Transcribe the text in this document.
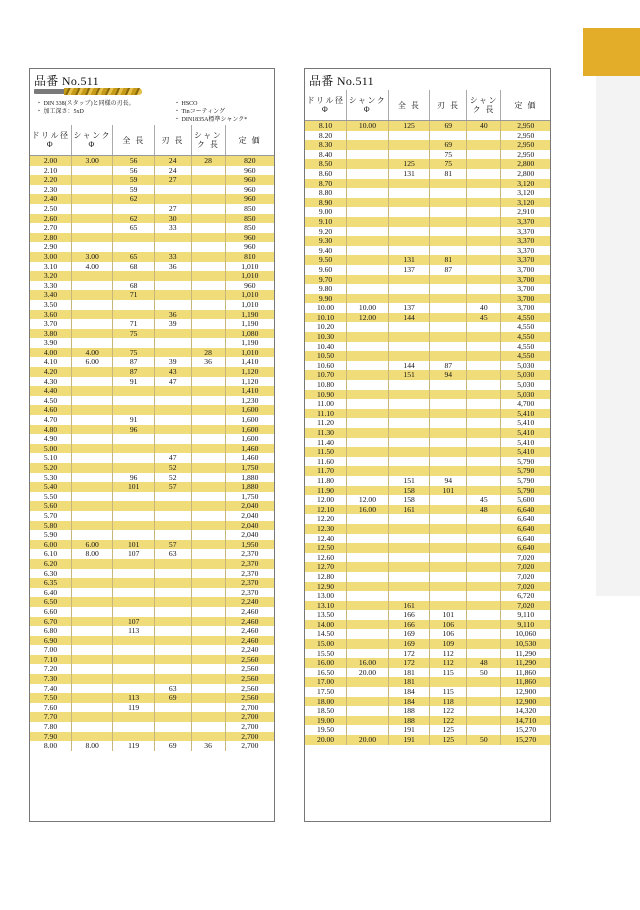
品番 No.511
・ DIN 338(スタッブ)と同様の刃長。
・ 加工深さ：5xD
・ HSCO
・ Tinコーティング
・ DIN1835A標準シャンク*
ドリル径 Φ	シャンク Φ	全 長	刃 長	シャンク 長	定 価
2.00	3.00	56	24	28	820
2.10		56	24		960
2.20		59	27		960
2.30		59			960
2.40		62			960
2.50			27		850
2.60		62	30		850
2.70		65	33		850
2.80					960
2.90					960
3.00	3.00	65	33		810
3.10	4.00	68	36		1,010
3.20					1,010
3.30		68			960
3.40		71			1,010
3.50					1,010
3.60			36		1,190
3.70		71	39		1,190
3.80		75			1,080
3.90					1,190
4.00	4.00	75		28	1,010
4.10	6.00	87	39	36	1,410
4.20		87	43		1,120
4.30		91	47		1,120
4.40					1,410
4.50					1,230
4.60					1,600
4.70		91			1,600
4.80		96			1,600
4.90					1,600
5.00					1,460
5.10			47		1,460
5.20			52		1,750
5.30		96	52		1,880
5.40		101	57		1,880
5.50					1,750
5.60					2,040
5.70					2,040
5.80					2,040
5.90					2,040
6.00	6.00	101	57		1,950
6.10	8.00	107	63		2,370
6.20					2,370
6.30					2,370
6.35					2,370
6.40					2,370
6.50					2,240
6.60					2,460
6.70		107			2,460
6.80		113			2,460
6.90					2,460
7.00					2,240
7.10					2,560
7.20					2,560
7.30					2,560
7.40			63		2,560
7.50		113	69		2,560
7.60		119			2,700
7.70					2,700
7.80					2,700
7.90					2,700
8.00	8.00	119	69	36	2,700
品番 No.511
ドリル径 Φ	シャンク Φ	全 長	刃 長	シャンク 長	定 価
8.10	10.00	125	69	40	2,950
8.20					2,950
8.30			69		2,950
8.40			75		2,950
8.50		125	75		2,800
8.60		131	81		2,800
8.70					3,120
8.80					3,120
8.90					3,120
9.00					2,910
9.10					3,370
9.20					3,370
9.30					3,370
9.40					3,370
9.50		131	81		3,370
9.60		137	87		3,700
9.70					3,700
9.80					3,700
9.90					3,700
10.00	10.00	137		40	3,700
10.10	12.00	144		45	4,550
10.20					4,550
10.30					4,550
10.40					4,550
10.50					4,550
10.60		144	87		5,030
10.70		151	94		5,030
10.80					5,030
10.90					5,030
11.00					4,700
11.10					5,410
11.20					5,410
11.30					5,410
11.40					5,410
11.50					5,410
11.60					5,790
11.70					5,790
11.80		151	94		5,790
11.90		158	101		5,790
12.00	12.00	158		45	5,600
12.10	16.00	161		48	6,640
12.20					6,640
12.30					6,640
12.40					6,640
12.50					6,640
12.60					7,020
12.70					7,020
12.80					7,020
12.90					7,020
13.00					6,720
13.10		161			7,020
13.50		166	101		9,110
14.00		166	106		9,110
14.50		169	106		10,060
15.00		169	109		10,530
15.50		172	112		11,290
16.00	16.00	172	112	48	11,290
16.50	20.00	181	115	50	11,860
17.00		181			11,860
17.50		184	115		12,900
18.00		184	118		12,900
18.50		188	122		14,320
19.00		188	122		14,710
19.50		191	125		15,270
20.00	20.00	191	125	50	15,270
